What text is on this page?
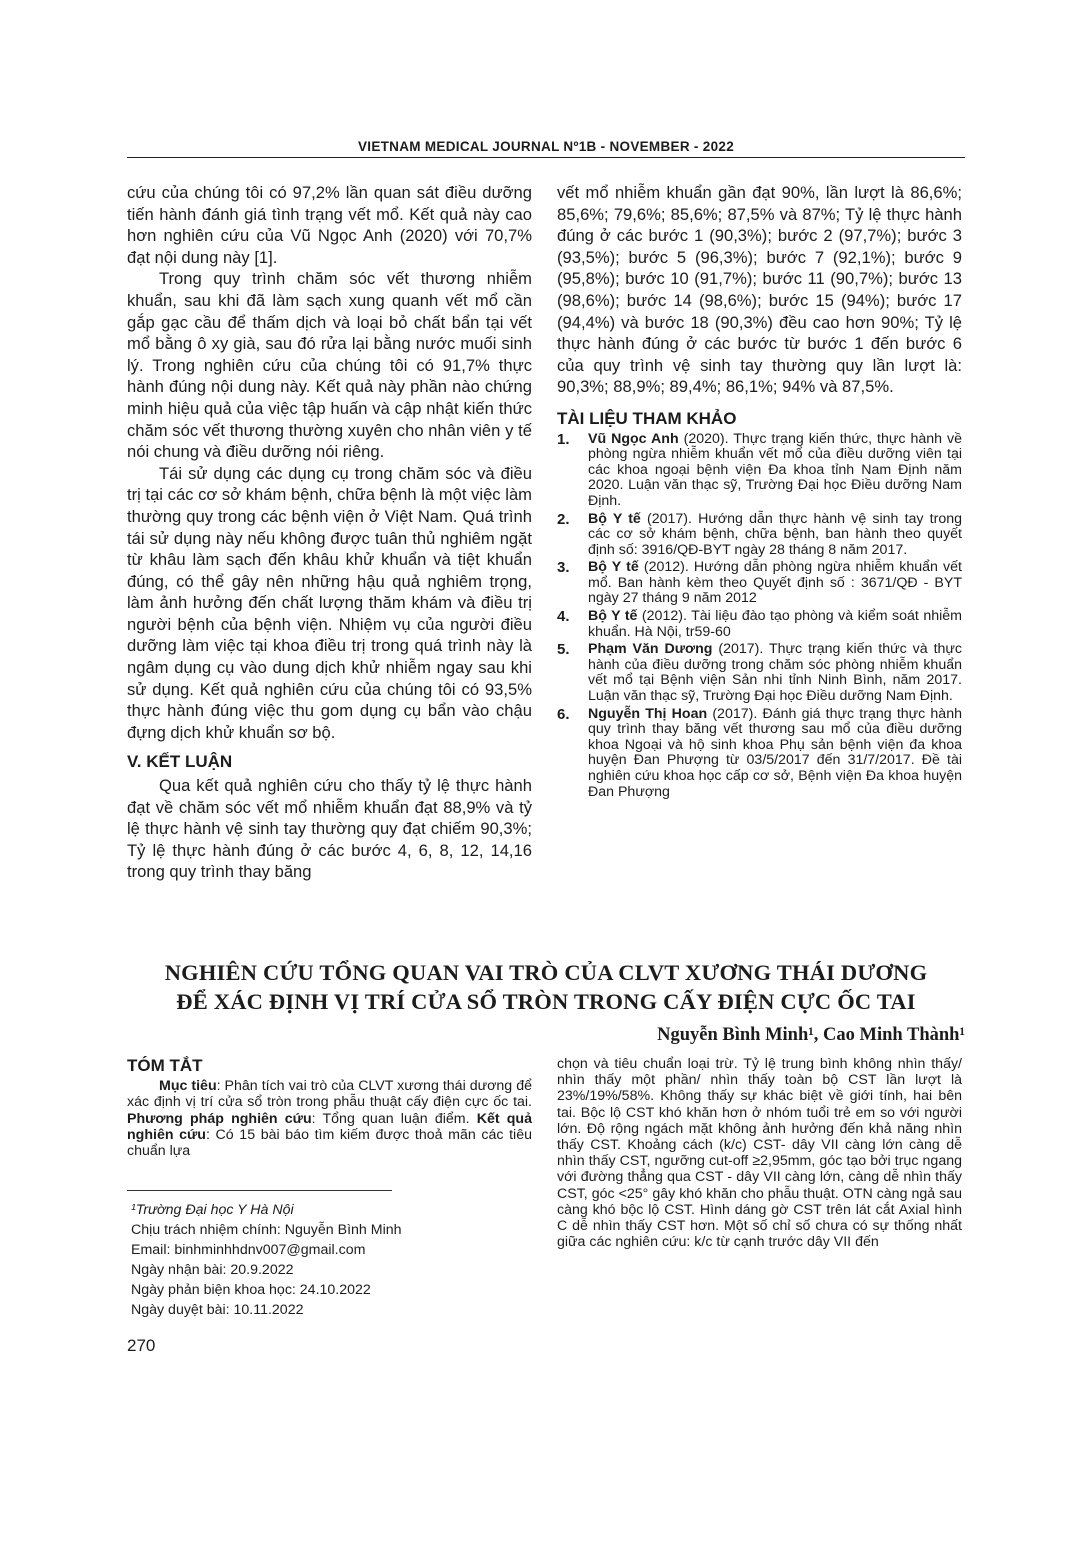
VIETNAM MEDICAL JOURNAL Nº1B - NOVEMBER - 2022

cứu của chúng tôi có 97,2% lần quan sát điều dưỡng tiến hành đánh giá tình trạng vết mổ. Kết quả này cao hơn nghiên cứu của Vũ Ngọc Anh (2020) với 70,7% đạt nội dung này [1].

Trong quy trình chăm sóc vết thương nhiễm khuẩn, sau khi đã làm sạch xung quanh vết mổ cần gắp gạc cầu để thấm dịch và loại bỏ chất bẩn tại vết mổ bằng ô xy già, sau đó rửa lại bằng nước muối sinh lý. Trong nghiên cứu của chúng tôi có 91,7% thực hành đúng nội dung này. Kết quả này phần nào chứng minh hiệu quả của việc tập huấn và cập nhật kiến thức chăm sóc vết thương thường xuyên cho nhân viên y tế nói chung và điều dưỡng nói riêng.

Tái sử dụng các dụng cụ trong chăm sóc và điều trị tại các cơ sở khám bệnh, chữa bệnh là một việc làm thường quy trong các bệnh viện ở Việt Nam. Quá trình tái sử dụng này nếu không được tuân thủ nghiêm ngặt từ khâu làm sạch đến khâu khử khuẩn và tiệt khuẩn đúng, có thể gây nên những hậu quả nghiêm trọng, làm ảnh hưởng đến chất lượng thăm khám và điều trị người bệnh của bệnh viện. Nhiệm vụ của người điều dưỡng làm việc tại khoa điều trị trong quá trình này là ngâm dụng cụ vào dung dịch khử nhiễm ngay sau khi sử dụng. Kết quả nghiên cứu của chúng tôi có 93,5% thực hành đúng việc thu gom dụng cụ bẩn vào chậu đựng dịch khử khuẩn sơ bộ.

V. KẾT LUẬN

Qua kết quả nghiên cứu cho thấy tỷ lệ thực hành đạt về chăm sóc vết mổ nhiễm khuẩn đạt 88,9% và tỷ lệ thực hành vệ sinh tay thường quy đạt chiếm 90,3%; Tỷ lệ thực hành đúng ở các bước 4, 6, 8, 12, 14,16 trong quy trình thay băng

vết mổ nhiễm khuẩn gần đạt 90%, lần lượt là 86,6%; 85,6%; 79,6%; 85,6%; 87,5% và 87%; Tỷ lệ thực hành đúng ở các bước 1 (90,3%); bước 2 (97,7%); bước 3 (93,5%); bước 5 (96,3%); bước 7 (92,1%); bước 9 (95,8%); bước 10 (91,7%); bước 11 (90,7%); bước 13 (98,6%); bước 14 (98,6%); bước 15 (94%); bước 17 (94,4%) và bước 18 (90,3%) đều cao hơn 90%; Tỷ lệ thực hành đúng ở các bước từ bước 1 đến bước 6 của quy trình vệ sinh tay thường quy lần lượt là: 90,3%; 88,9%; 89,4%; 86,1%; 94% và 87,5%.

TÀI LIỆU THAM KHẢO
1. Vũ Ngọc Anh (2020). Thực trạng kiến thức, thực hành về phòng ngừa nhiễm khuẩn vết mổ của điều dưỡng viên tại các khoa ngoại bệnh viện Đa khoa tỉnh Nam Định năm 2020. Luận văn thạc sỹ, Trường Đại học Điều dưỡng Nam Định.
2. Bộ Y tế (2017). Hướng dẫn thực hành vệ sinh tay trong các cơ sở khám bệnh, chữa bệnh, ban hành theo quyết định số: 3916/QĐ-BYT ngày 28 tháng 8 năm 2017.
3. Bộ Y tế (2012). Hướng dẫn phòng ngừa nhiễm khuẩn vết mổ. Ban hành kèm theo Quyết định số : 3671/QĐ - BYT ngày 27 tháng 9 năm 2012
4. Bộ Y tế (2012). Tài liệu đào tạo phòng và kiểm soát nhiễm khuẩn. Hà Nội, tr59-60
5. Phạm Văn Dương (2017). Thực trạng kiến thức và thực hành của điều dưỡng trong chăm sóc phòng nhiễm khuẩn vết mổ tại Bệnh viện Sản nhi tỉnh Ninh Bình, năm 2017. Luận văn thạc sỹ, Trường Đại học Điều dưỡng Nam Định.
6. Nguyễn Thị Hoan (2017). Đánh giá thực trạng thực hành quy trình thay băng vết thương sau mổ của điều dưỡng khoa Ngoại và hộ sinh khoa Phụ sản bệnh viện đa khoa huyện Đan Phượng từ 03/5/2017 đến 31/7/2017. Đề tài nghiên cứu khoa học cấp cơ sở, Bệnh viện Đa khoa huyện Đan Phượng
NGHIÊN CỨU TỔNG QUAN VAI TRÒ CỦA CLVT XƯƠNG THÁI DƯƠNG
ĐỂ XÁC ĐỊNH VỊ TRÍ CỬA SỔ TRÒN TRONG CẤY ĐIỆN CỰC ỐC TAI
Nguyễn Bình Minh¹, Cao Minh Thành¹
TÓM TẮT

Mục tiêu: Phân tích vai trò của CLVT xương thái dương để xác định vị trí cửa sổ tròn trong phẫu thuật cấy điện cực ốc tai. Phương pháp nghiên cứu: Tổng quan luận điểm. Kết quả nghiên cứu: Có 15 bài báo tìm kiếm được thoả mãn các tiêu chuẩn lựa

chọn và tiêu chuẩn loại trừ. Tỷ lệ trung bình không nhìn thấy/ nhìn thấy một phần/ nhìn thấy toàn bộ CST lần lượt là 23%/19%/58%. Không thấy sự khác biệt về giới tính, hai bên tai. Bộc lộ CST khó khăn hơn ở nhóm tuổi trẻ em so với người lớn. Độ rộng ngách mặt không ảnh hưởng đến khả năng nhìn thấy CST. Khoảng cách (k/c) CST- dây VII càng lớn càng dễ nhìn thấy CST, ngưỡng cut-off ≥2,95mm, góc tạo bởi trục ngang với đường thẳng qua CST - dây VII càng lớn, càng dễ nhìn thấy CST, góc <25° gây khó khăn cho phẫu thuật. OTN càng ngả sau càng khó bộc lộ CST. Hình dáng gờ CST trên lát cắt Axial hình C dễ nhìn thấy CST hơn. Một số chỉ số chưa có sự thống nhất giữa các nghiên cứu: k/c từ cạnh trước dây VII đến

¹Trường Đại học Y Hà Nội
Chịu trách nhiệm chính: Nguyễn Bình Minh
Email: binhminhhdnv007@gmail.com
Ngày nhận bài: 20.9.2022
Ngày phản biện khoa học: 24.10.2022
Ngày duyệt bài: 10.11.2022
270
